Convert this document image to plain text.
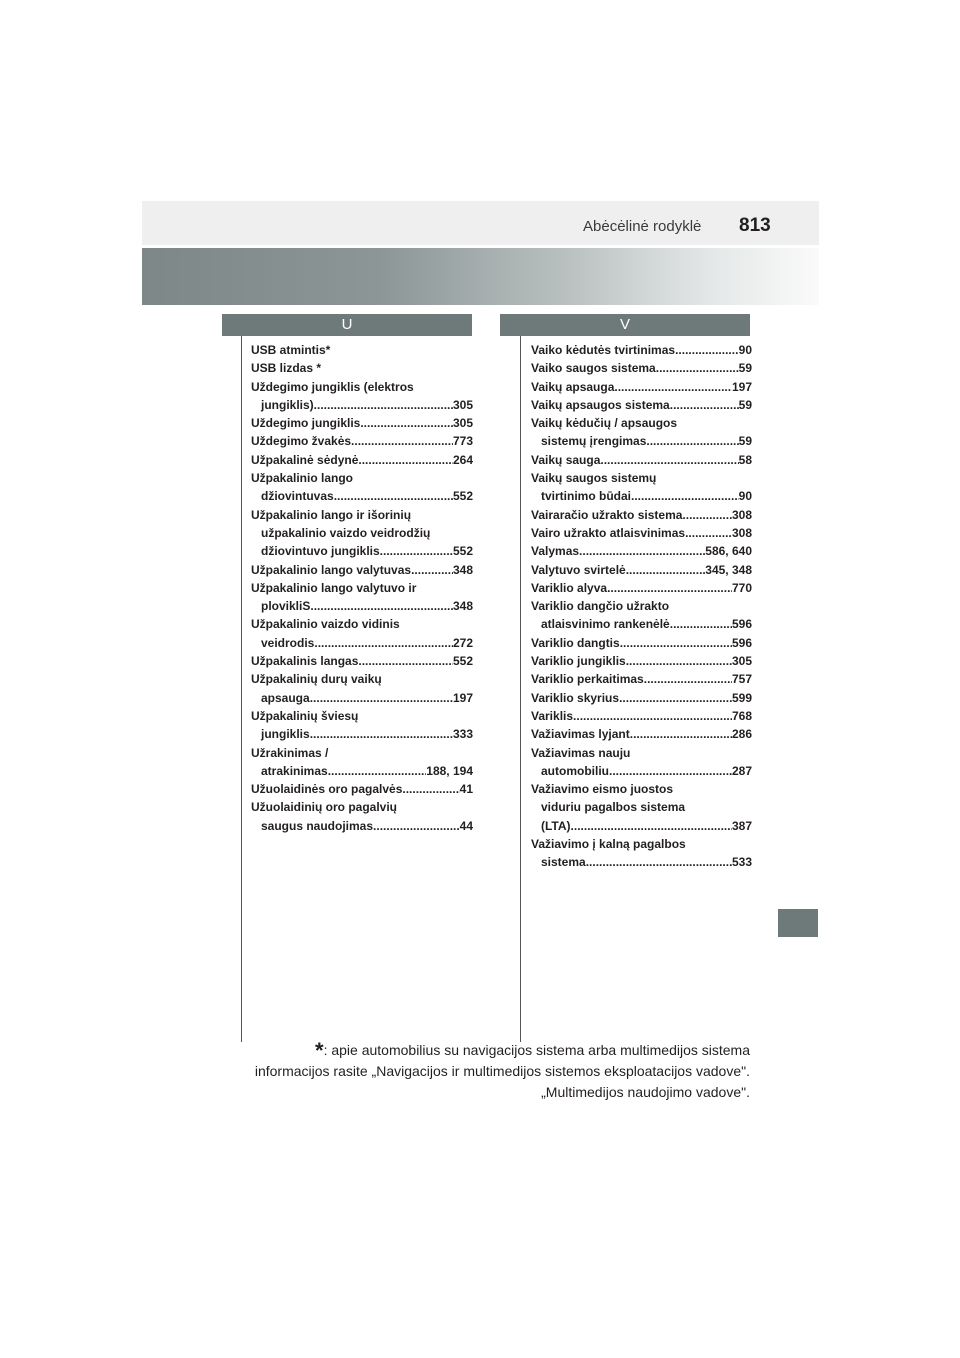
Abėcėlinė rodyklė 813
U	V
USB atmintis*
USB lizdas *
Uždegimo jungiklis (elektros
jungiklis) .....	305
Uždegimo jungiklis .....	305
Uždegimo žvakės .....	773
Užpakalinė sėdynė .....	264
Užpakalinio lango
džiovintuvas .....	552
Užpakalinio lango ir išorinių
užpakalinio vaizdo veidrodžių
džiovintuvo jungiklis .....	552
Užpakalinio lango valytuvas .....	348
Užpakalinio lango valytuvo ir
plovikliS .....	348
Užpakalinio vaizdo vidinis
veidrodis .....	272
Užpakalinis langas .....	552
Užpakalinių durų vaikų
apsauga .....	197
Užpakalinių šviesų
jungiklis .....	333
Užrakinimas /
atrakinimas .....	188, 194
Užuolaidinės oro pagalvės .....	41
Užuolaidinių oro pagalvių
saugus naudojimas .....	44
Vaiko kėdutės tvirtinimas .....	90
Vaiko saugos sistema .....	59
Vaikų apsauga .....	197
Vaikų apsaugos sistema .....	59
Vaikų kėdučių / apsaugos
sistemų įrengimas .....	59
Vaikų sauga .....	58
Vaikų saugos sistemų
tvirtinimo būdai .....	90
Vairaračio užrakto sistema .....	308
Vairo užrakto atlaisvinimas .....	308
Valymas .....	586, 640
Valytuvo svirtelė .....	345, 348
Variklio alyva .....	770
Variklio dangčio užrakto
atlaisvinimo rankenėlė .....	596
Variklio dangtis .....	596
Variklio jungiklis .....	305
Variklio perkaitimas .....	757
Variklio skyrius .....	599
Variklis .....	768
Važiavimas lyjant .....	286
Važiavimas nauju
automobiliu .....	287
Važiavimo eismo juostos
viduriu pagalbos sistema
(LTA) .....	387
Važiavimo į kalną pagalbos
sistema .....	533
*: apie automobilius su navigacijos sistema arba multimedijos sistema
informacijos rasite „Navigacijos ir multimedijos sistemos eksploatacijos vadove".
„Multimedijos naudojimo vadove".
